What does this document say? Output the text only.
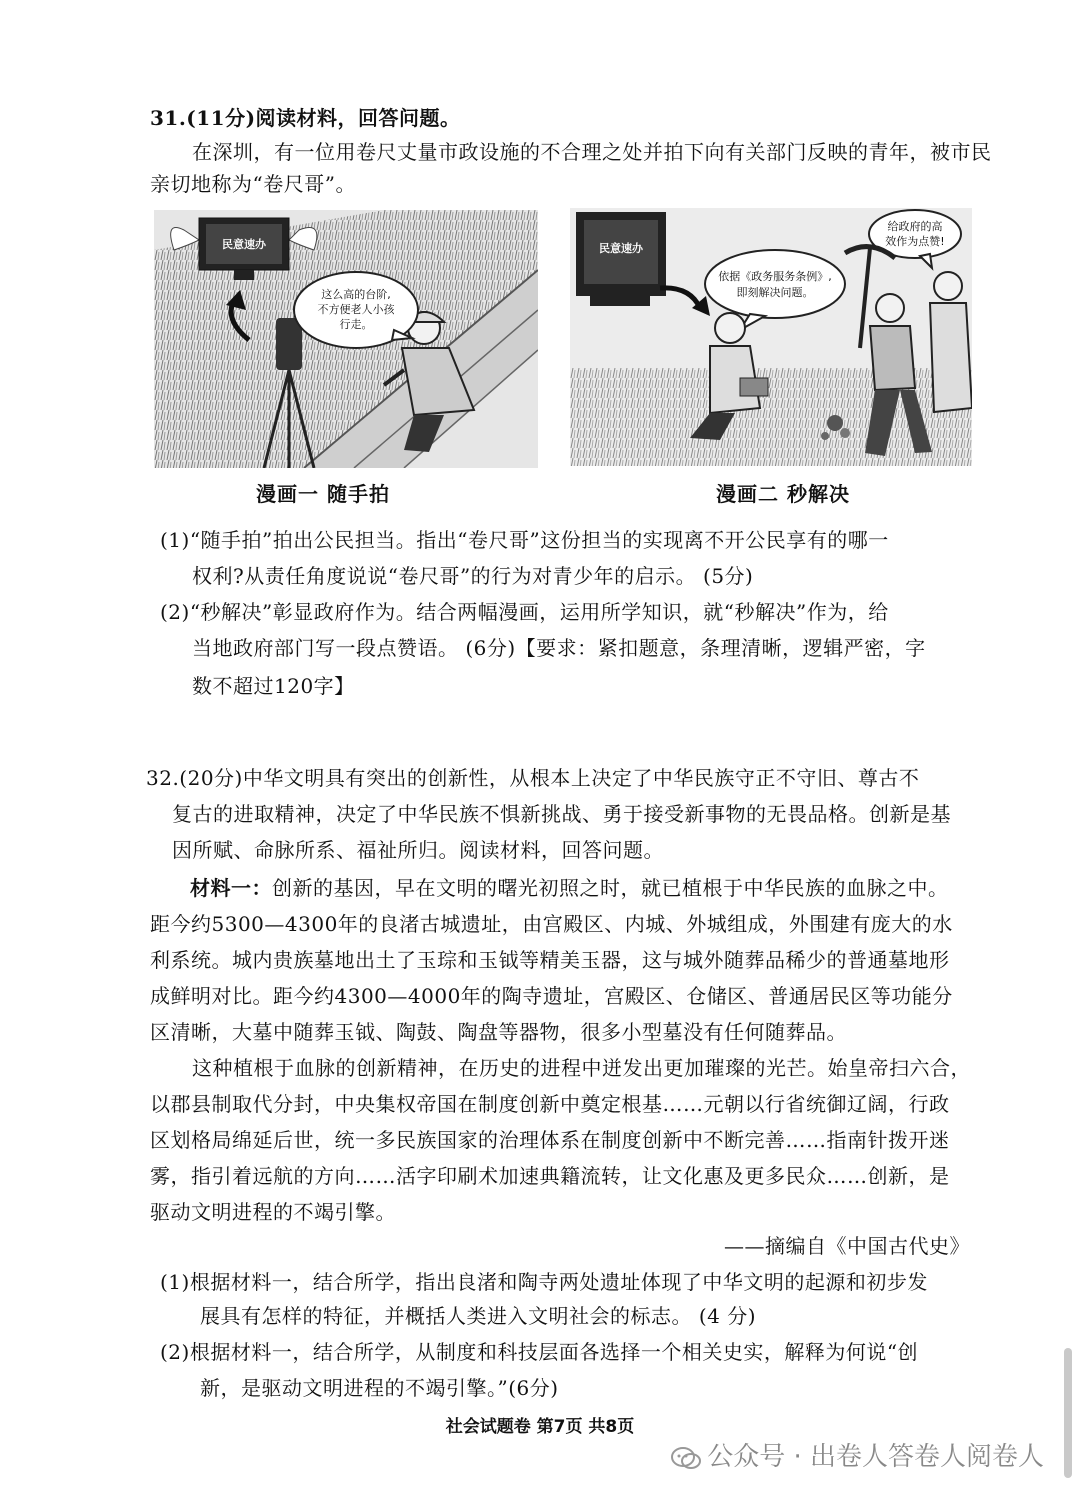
31.(11分)阅读材料，回答问题。
在深圳，有一位用卷尺丈量市政设施的不合理之处并拍下向有关部门反映的青年，被市民
亲切地称为“卷尺哥”。
民意速办
这么高的台阶,
不方便老人小孩
行走。
漫画一 随手拍
民意速办
依据《政务服务条例》,
即刻解决问题。
给政府的高
效作为点赞!
漫画二 秒解决
(1)“随手拍”拍出公民担当。指出“卷尺哥”这份担当的实现离不开公民享有的哪一
权利?从责任角度说说“卷尺哥”的行为对青少年的启示。 (5分)
(2)“秒解决”彰显政府作为。结合两幅漫画，运用所学知识，就“秒解决”作为，给
当地政府部门写一段点赞语。 (6分)【要求：紧扣题意，条理清晰，逻辑严密，字
数不超过120字】
32.(20分)中华文明具有突出的创新性，从根本上决定了中华民族守正不守旧、尊古不
复古的进取精神，决定了中华民族不惧新挑战、勇于接受新事物的无畏品格。创新是基
因所赋、命脉所系、福祉所归。阅读材料，回答问题。
材料一：创新的基因，早在文明的曙光初照之时，就已植根于中华民族的血脉之中。
距今约5300—4300年的良渚古城遗址，由宫殿区、内城、外城组成，外围建有庞大的水
利系统。城内贵族墓地出土了玉琮和玉钺等精美玉器，这与城外随葬品稀少的普通墓地形
成鲜明对比。距今约4300—4000年的陶寺遗址，宫殿区、仓储区、普通居民区等功能分
区清晰，大墓中随葬玉钺、陶鼓、陶盘等器物，很多小型墓没有任何随葬品。
这种植根于血脉的创新精神，在历史的进程中迸发出更加璀璨的光芒。始皇帝扫六合，
以郡县制取代分封，中央集权帝国在制度创新中奠定根基……元朝以行省统御辽阔，行政
区划格局绵延后世，统一多民族国家的治理体系在制度创新中不断完善……指南针拨开迷
雾，指引着远航的方向……活字印刷术加速典籍流转，让文化惠及更多民众……创新，是
驱动文明进程的不竭引擎。
——摘编自《中国古代史》
(1)根据材料一，结合所学，指出良渚和陶寺两处遗址体现了中华文明的起源和初步发
展具有怎样的特征，并概括人类进入文明社会的标志。 (4 分)
(2)根据材料一，结合所学，从制度和科技层面各选择一个相关史实，解释为何说“创
新，是驱动文明进程的不竭引擎。”(6分)
社会试题卷 第7页 共8页
公众号 · 出卷人答卷人阅卷人
